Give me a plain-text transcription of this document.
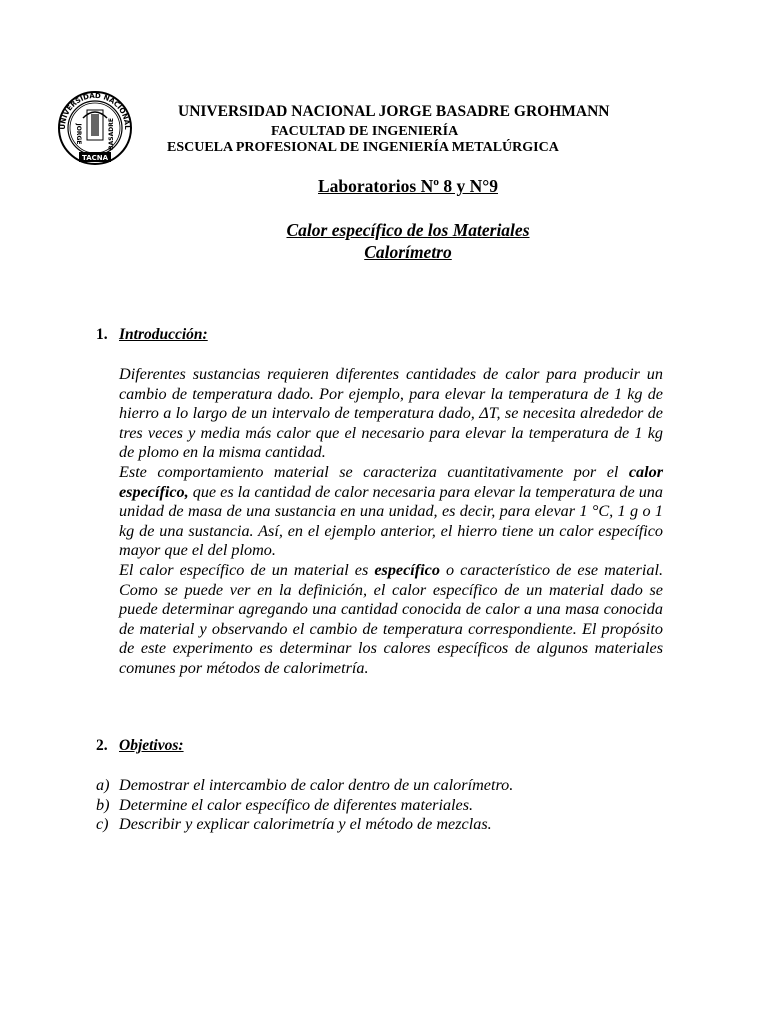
UNIVERSIDAD NACIONAL
JORGE	BASADRE
TACNA
UNIVERSIDAD NACIONAL JORGE BASADRE GROHMANN
FACULTAD DE INGENIERÍA
ESCUELA PROFESIONAL DE INGENIERÍA METALÚRGICA
Laboratorios Nº 8 y N°9
Calor específico de los Materiales
Calorímetro
1. Introducción:

Diferentes sustancias requieren diferentes cantidades de calor para producir un cambio de temperatura dado. Por ejemplo, para elevar la temperatura de 1 kg de hierro a lo largo de un intervalo de temperatura dado, ΔT, se necesita alrededor de tres veces y media más calor que el necesario para elevar la temperatura de 1 kg de plomo en la misma cantidad.

Este comportamiento material se caracteriza cuantitativamente por el calor específico, que es la cantidad de calor necesaria para elevar la temperatura de una unidad de masa de una sustancia en una unidad, es decir, para elevar 1 °C, 1 g o 1 kg de una sustancia. Así, en el ejemplo anterior, el hierro tiene un calor específico mayor que el del plomo.

El calor específico de un material es específico o característico de ese material. Como se puede ver en la definición, el calor específico de un material dado se puede determinar agregando una cantidad conocida de calor a una masa conocida de material y observando el cambio de temperatura correspondiente. El propósito de este experimento es determinar los calores específicos de algunos materiales comunes por métodos de calorimetría.

2. Objetivos:
a) Demostrar el intercambio de calor dentro de un calorímetro.
b) Determine el calor específico de diferentes materiales.
c) Describir y explicar calorimetría y el método de mezclas.
